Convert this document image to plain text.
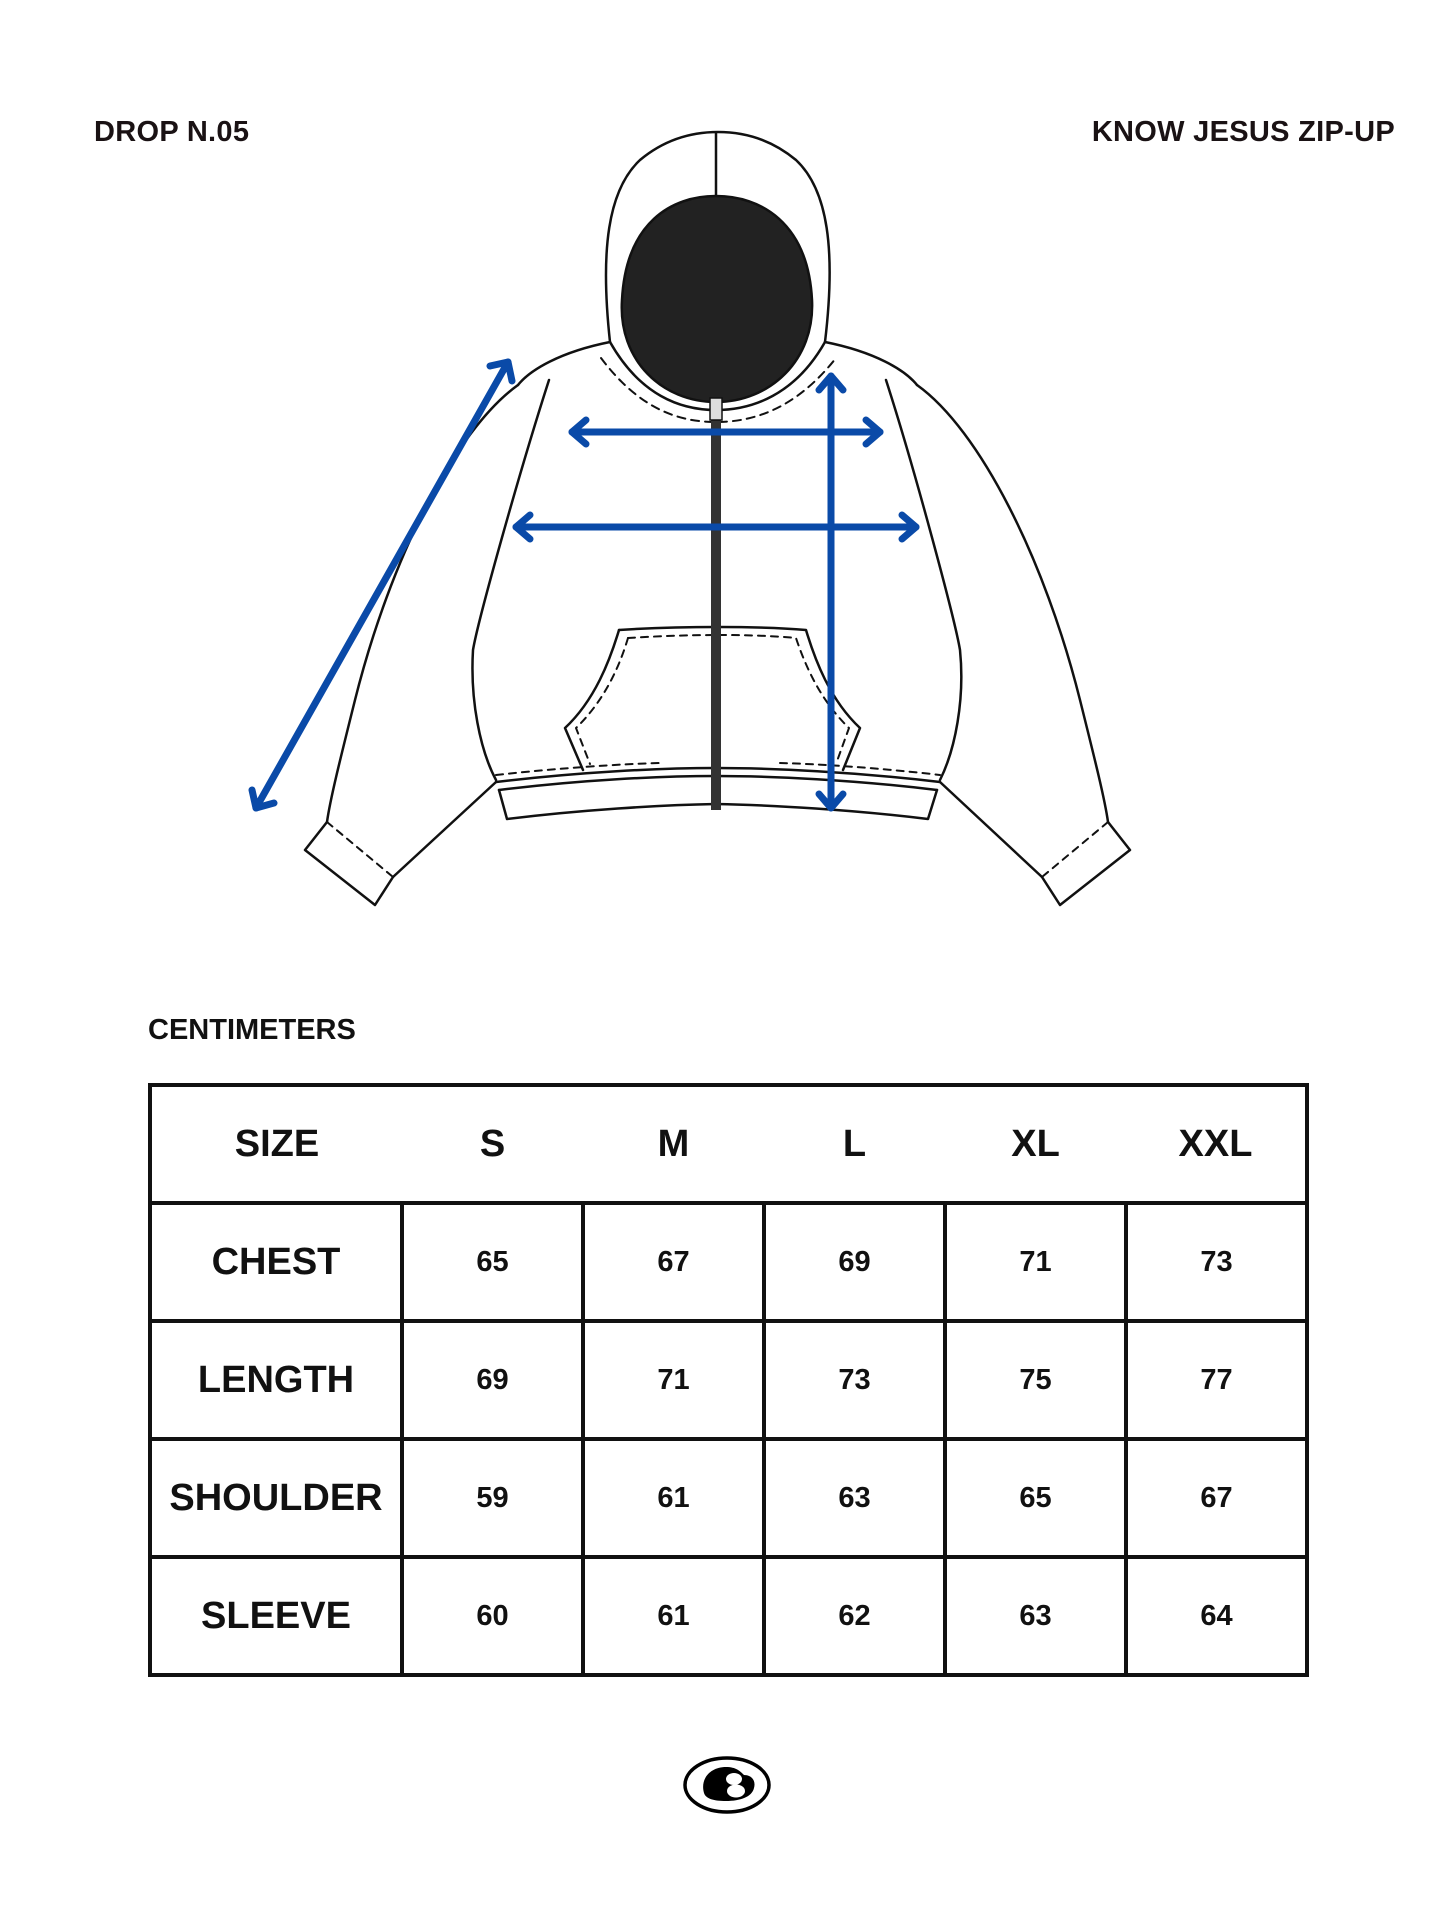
DROP N.05	KNOW JESUS ZIP-UP
CENTIMETERS
SIZE	S	M	L	XL	XXL
CHEST	65	67	69	71	73
LENGTH	69	71	73	75	77
SHOULDER	59	61	63	65	67
SLEEVE	60	61	62	63	64
